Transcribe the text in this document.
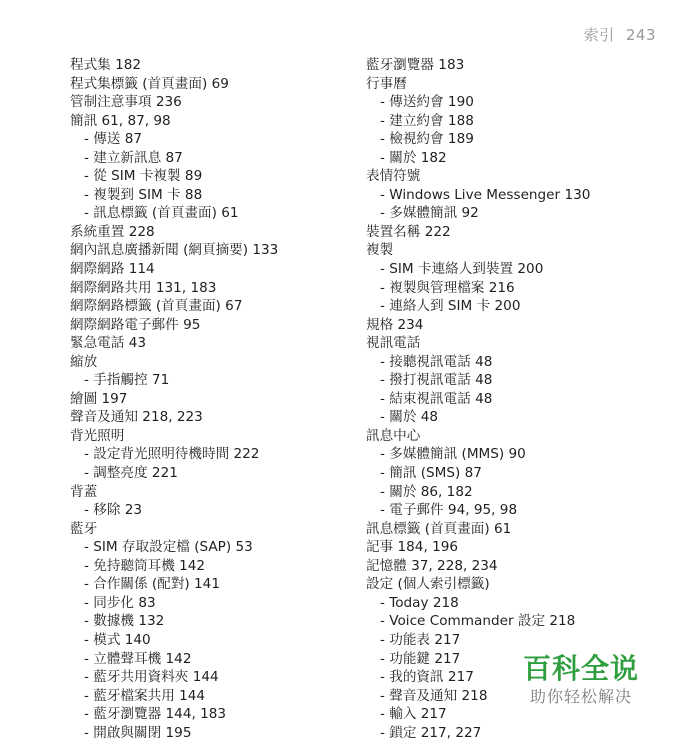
索引 243
程式集 182
程式集標籤 (首頁畫面) 69
管制注意事項 236
簡訊 61, 87, 98
- 傳送 87
- 建立新訊息 87
- 從 SIM 卡複製 89
- 複製到 SIM 卡 88
- 訊息標籤 (首頁畫面) 61
系統重置 228
網內訊息廣播新聞 (網頁摘要) 133
網際網路 114
網際網路共用 131, 183
網際網路標籤 (首頁畫面) 67
網際網路電子郵件 95
緊急電話 43
縮放
- 手指觸控 71
繪圖 197
聲音及通知 218, 223
背光照明
- 設定背光照明待機時間 222
- 調整亮度 221
背蓋
- 移除 23
藍牙
- SIM 存取設定檔 (SAP) 53
- 免持聽筒耳機 142
- 合作關係 (配對) 141
- 同步化 83
- 數據機 132
- 模式 140
- 立體聲耳機 142
- 藍牙共用資料夾 144
- 藍牙檔案共用 144
- 藍牙瀏覽器 144, 183
- 開啟與關閉 195
藍牙瀏覽器 183
行事曆
- 傳送約會 190
- 建立約會 188
- 檢視約會 189
- 關於 182
表情符號
- Windows Live Messenger 130
- 多媒體簡訊 92
裝置名稱 222
複製
- SIM 卡連絡人到裝置 200
- 複製與管理檔案 216
- 連絡人到 SIM 卡 200
規格 234
視訊電話
- 接聽視訊電話 48
- 撥打視訊電話 48
- 結束視訊電話 48
- 關於 48
訊息中心
- 多媒體簡訊 (MMS) 90
- 簡訊 (SMS) 87
- 關於 86, 182
- 電子郵件 94, 95, 98
訊息標籤 (首頁畫面) 61
記事 184, 196
記憶體 37, 228, 234
設定 (個人索引標籤)
- Today 218
- Voice Commander 設定 218
- 功能表 217
- 功能鍵 217
- 我的資訊 217
- 聲音及通知 218
- 輸入 217
- 鎖定 217, 227
百科全说
助你轻松解决
